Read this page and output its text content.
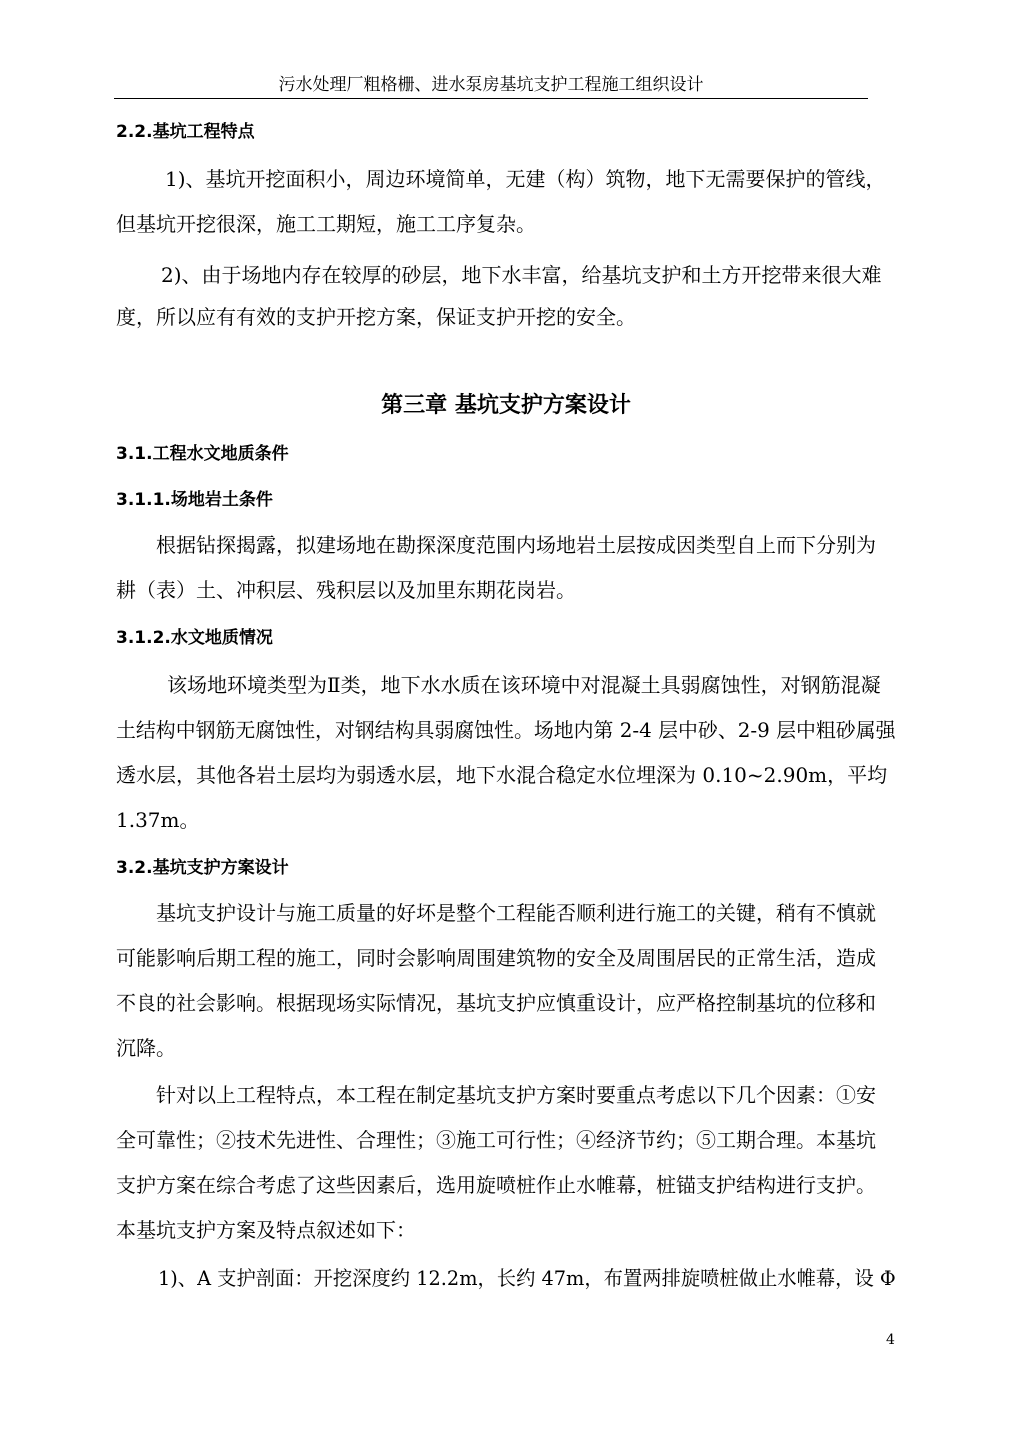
污水处理厂粗格栅、进水泵房基坑支护工程施工组织设计
2.2.基坑工程特点
1)、基坑开挖面积小，周边环境简单，无建（构）筑物，地下无需要保护的管线，
但基坑开挖很深，施工工期短，施工工序复杂。
2)、由于场地内存在较厚的砂层，地下水丰富，给基坑支护和土方开挖带来很大难
度，所以应有有效的支护开挖方案，保证支护开挖的安全。
第三章 基坑支护方案设计
3.1.工程水文地质条件
3.1.1.场地岩土条件
根据钻探揭露，拟建场地在勘探深度范围内场地岩土层按成因类型自上而下分别为
耕（表）土、冲积层、残积层以及加里东期花岗岩。
3.1.2.水文地质情况
该场地环境类型为Ⅱ类，地下水水质在该环境中对混凝土具弱腐蚀性，对钢筋混凝
土结构中钢筋无腐蚀性，对钢结构具弱腐蚀性。场地内第 2-4 层中砂、2-9 层中粗砂属强
透水层，其他各岩土层均为弱透水层，地下水混合稳定水位埋深为 0.10~2.90m，平均
1.37m。
3.2.基坑支护方案设计
基坑支护设计与施工质量的好坏是整个工程能否顺利进行施工的关键，稍有不慎就
可能影响后期工程的施工，同时会影响周围建筑物的安全及周围居民的正常生活，造成
不良的社会影响。根据现场实际情况，基坑支护应慎重设计，应严格控制基坑的位移和
沉降。
针对以上工程特点，本工程在制定基坑支护方案时要重点考虑以下几个因素：①安
全可靠性；②技术先进性、合理性；③施工可行性；④经济节约；⑤工期合理。本基坑
支护方案在综合考虑了这些因素后，选用旋喷桩作止水帷幕，桩锚支护结构进行支护。
本基坑支护方案及特点叙述如下：
1)、A 支护剖面：开挖深度约 12.2m，长约 47m，布置两排旋喷桩做止水帷幕，设 Φ
4
